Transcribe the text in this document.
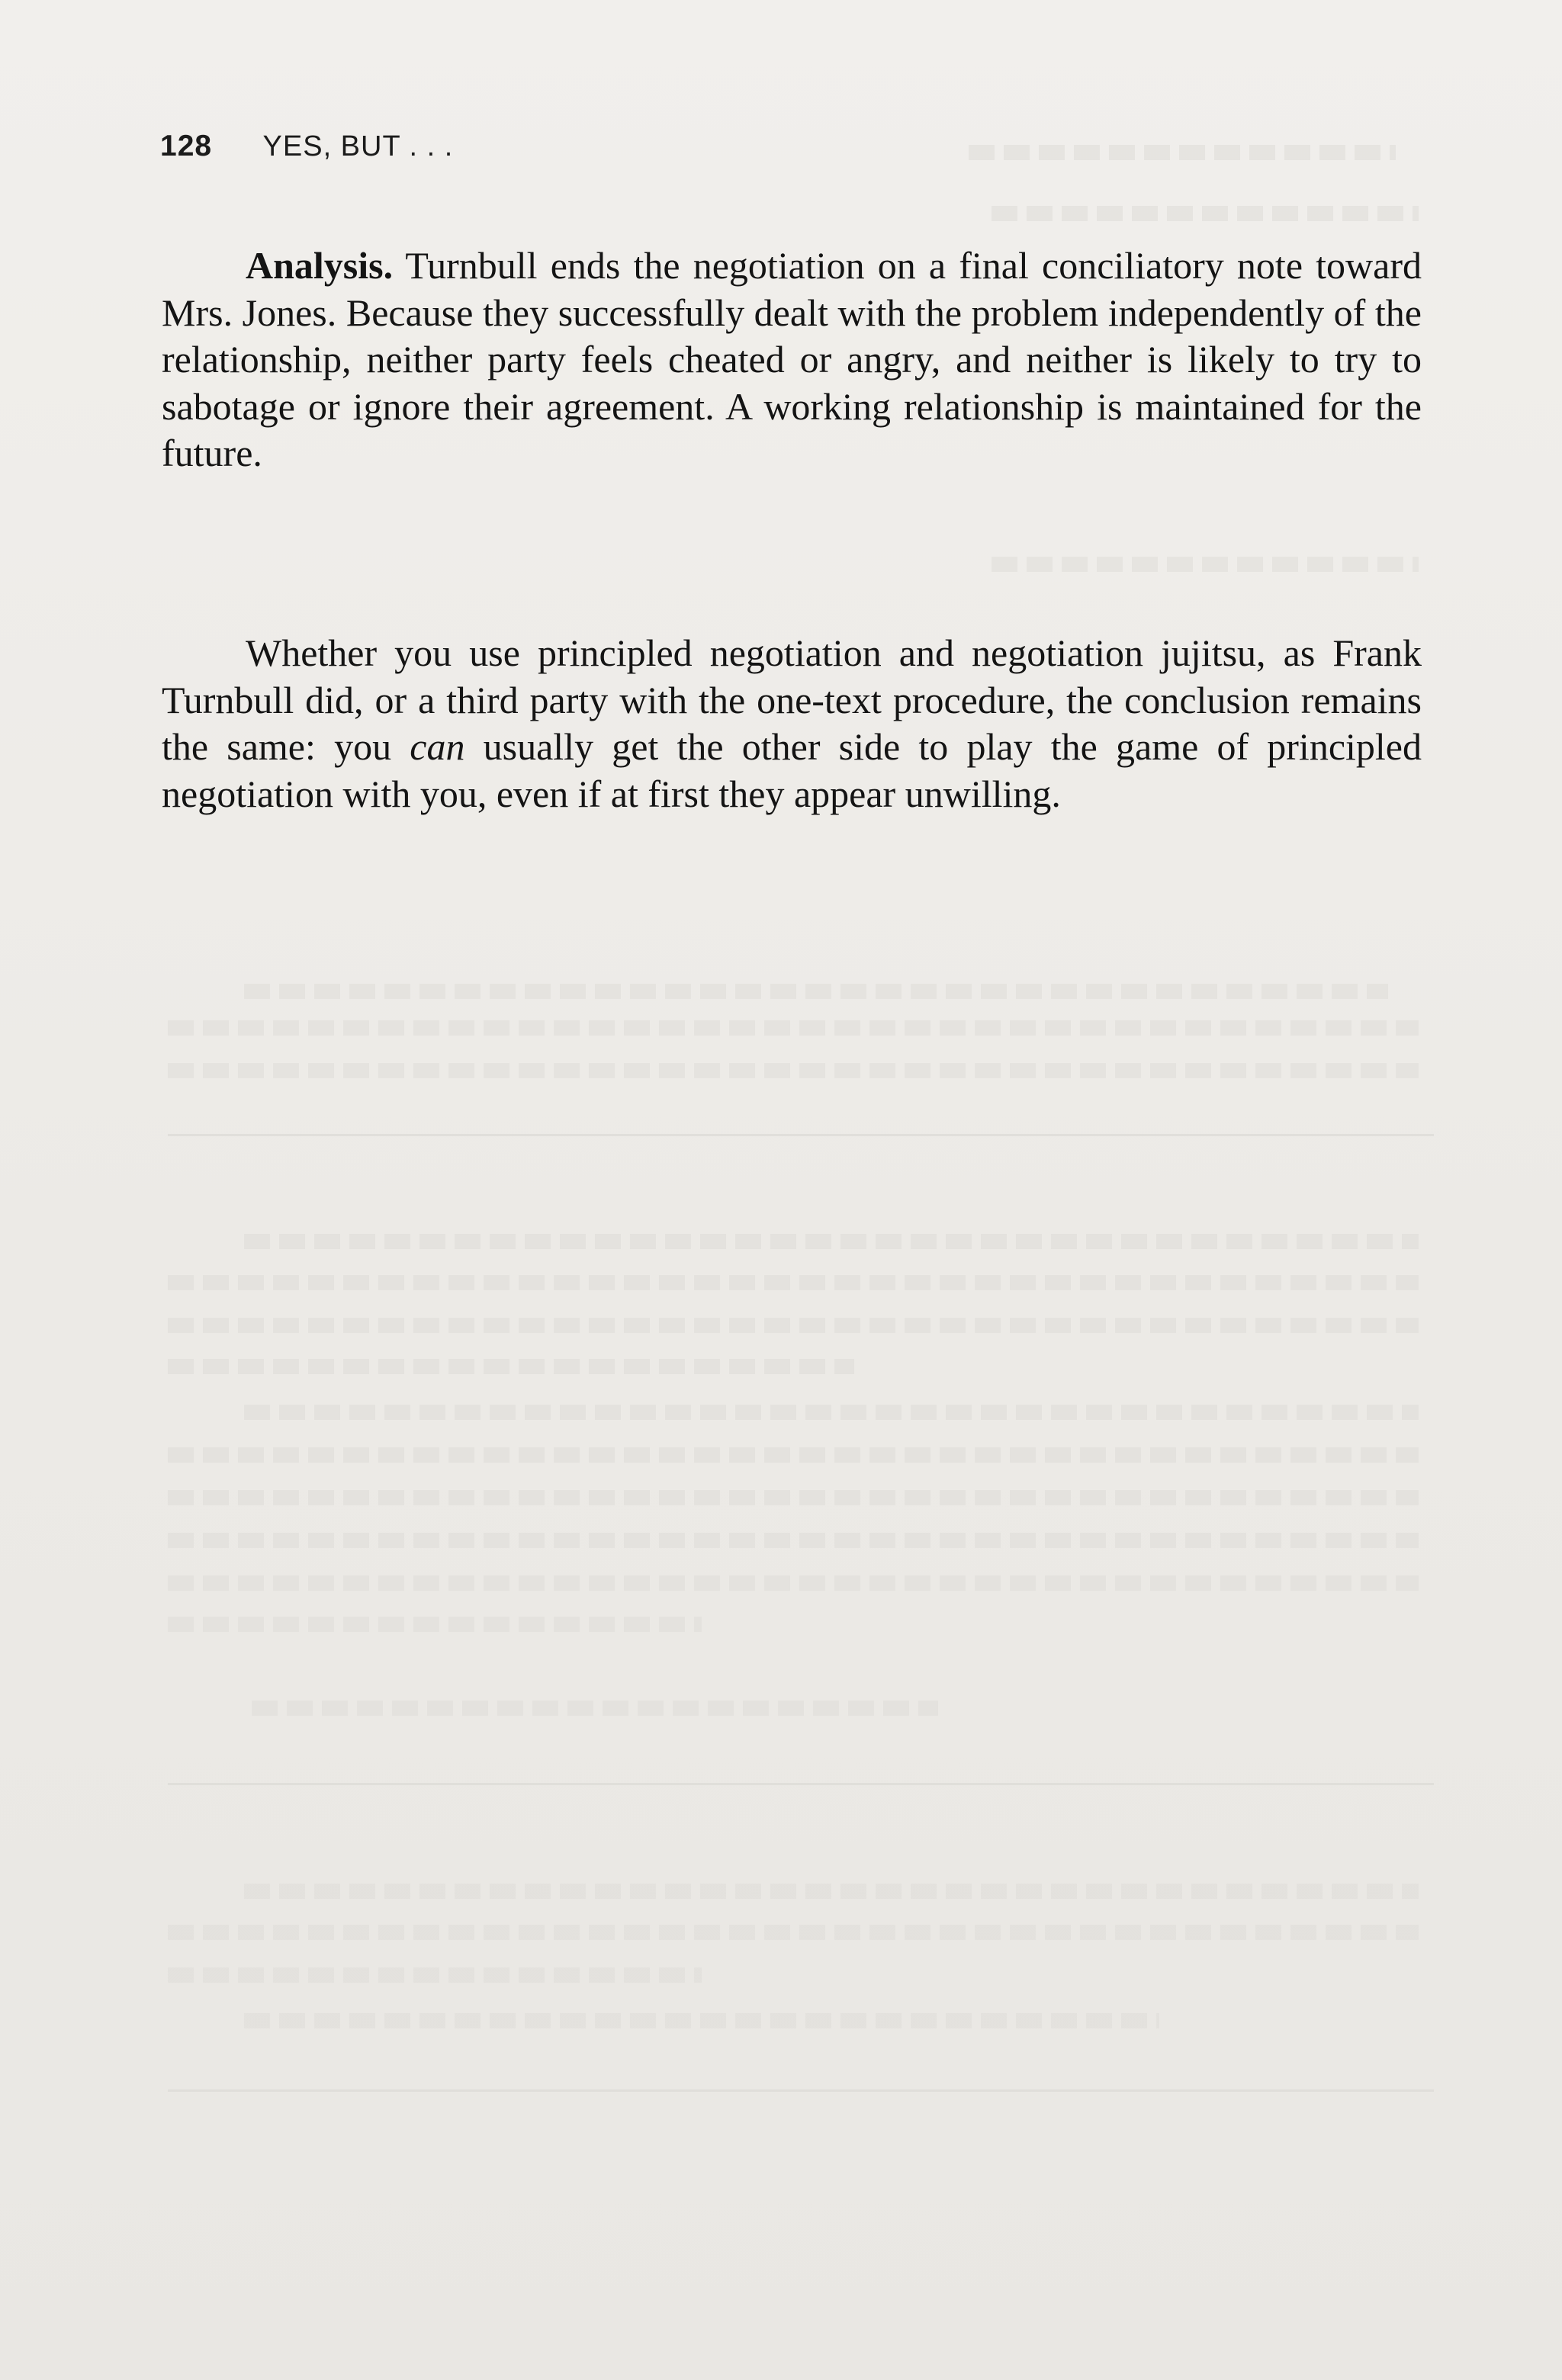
128 YES, BUT . . .

Analysis. Turnbull ends the negotiation on a final conciliatory note toward Mrs. Jones. Because they successfully dealt with the problem independently of the relationship, neither party feels cheated or angry, and neither is likely to try to sabotage or ignore their agreement. A working relationship is maintained for the future.

Whether you use principled negotiation and negotiation jujitsu, as Frank Turnbull did, or a third party with the one-text procedure, the conclusion remains the same: you can usually get the other side to play the game of principled negotiation with you, even if at first they appear unwilling.
